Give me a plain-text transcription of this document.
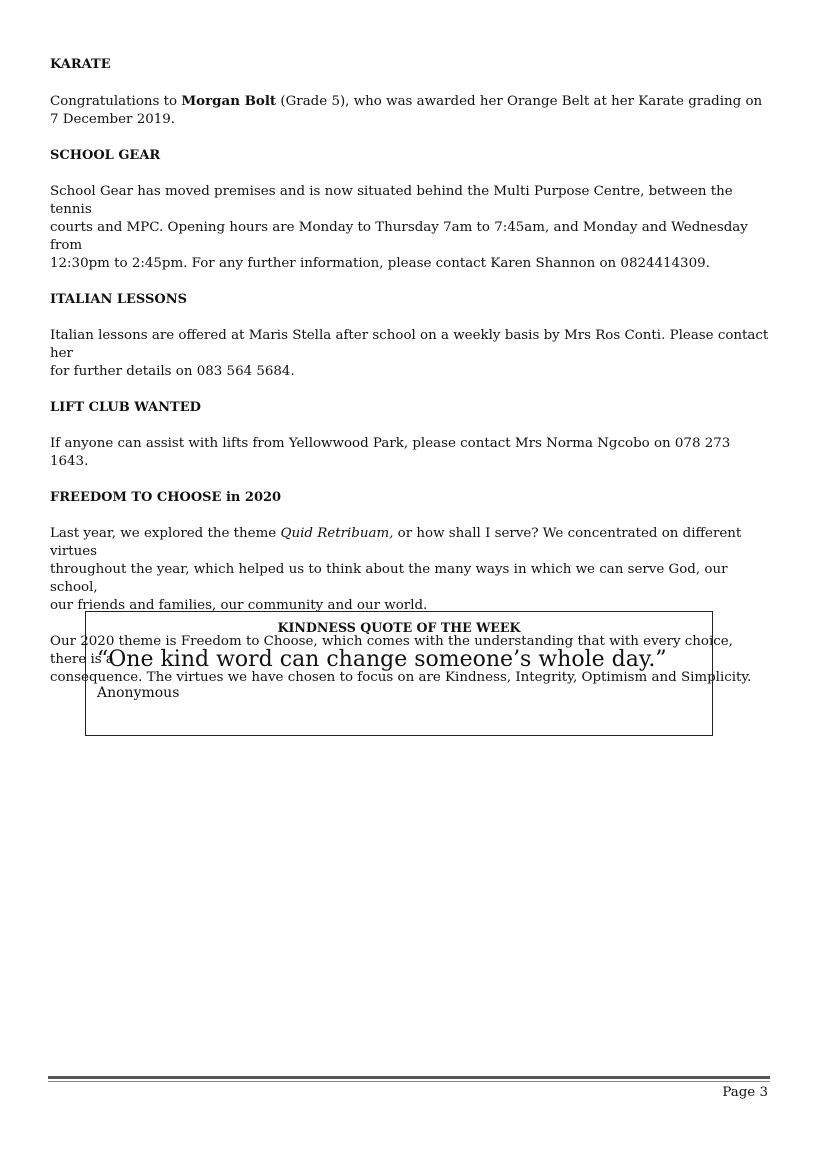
KARATE

Congratulations to Morgan Bolt (Grade 5), who was awarded her Orange Belt at her Karate grading on
7 December 2019.

SCHOOL GEAR

School Gear has moved premises and is now situated behind the Multi Purpose Centre, between the tennis
courts and MPC. Opening hours are Monday to Thursday 7am to 7:45am, and Monday and Wednesday from
12:30pm to 2:45pm. For any further information, please contact Karen Shannon on 0824414309.

ITALIAN LESSONS

Italian lessons are offered at Maris Stella after school on a weekly basis by Mrs Ros Conti. Please contact her
for further details on 083 564 5684.

LIFT CLUB WANTED

If anyone can assist with lifts from Yellowwood Park, please contact Mrs Norma Ngcobo on 078 273 1643.

FREEDOM TO CHOOSE in 2020

Last year, we explored the theme Quid Retribuam, or how shall I serve? We concentrated on different virtues
throughout the year, which helped us to think about the many ways in which we can serve God, our school,
our friends and families, our community and our world.

Our 2020 theme is Freedom to Choose, which comes with the understanding that with every choice, there is a
consequence. The virtues we have chosen to focus on are Kindness, Integrity, Optimism and Simplicity.

KINDNESS QUOTE OF THE WEEK
“One kind word can change someone’s whole day.”
Anonymous
Page 3
